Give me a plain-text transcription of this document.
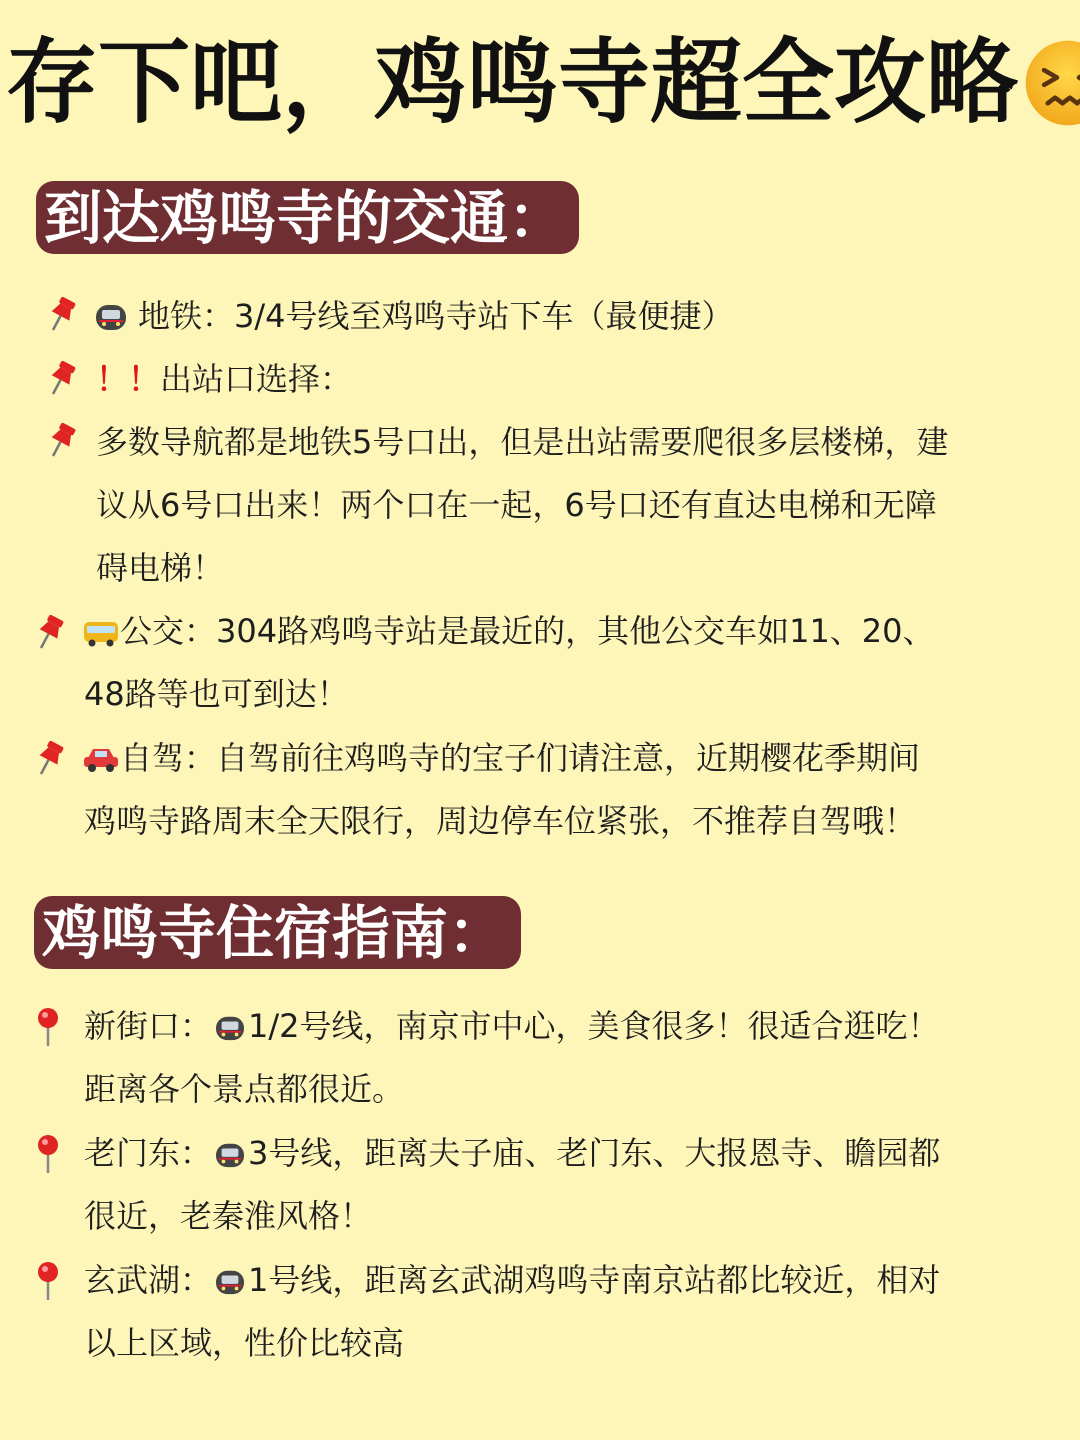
存下吧，鸡鸣寺超全攻略
到达鸡鸣寺的交通：
地铁：3/4号线至鸡鸣寺站下车（最便捷）
！！出站口选择：
多数导航都是地铁5号口出，但是出站需要爬很多层楼梯，建
议从6号口出来！两个口在一起，6号口还有直达电梯和无障
碍电梯！
公交：304路鸡鸣寺站是最近的，其他公交车如11、20、
48路等也可到达！
自驾：自驾前往鸡鸣寺的宝子们请注意，近期樱花季期间
鸡鸣寺路周末全天限行，周边停车位紧张，不推荐自驾哦！
鸡鸣寺住宿指南：
新街口： 1/2号线，南京市中心，美食很多！很适合逛吃！
距离各个景点都很近。
老门东： 3号线，距离夫子庙、老门东、大报恩寺、瞻园都
很近，老秦淮风格！
玄武湖： 1号线，距离玄武湖鸡鸣寺南京站都比较近，相对
以上区域，性价比较高
